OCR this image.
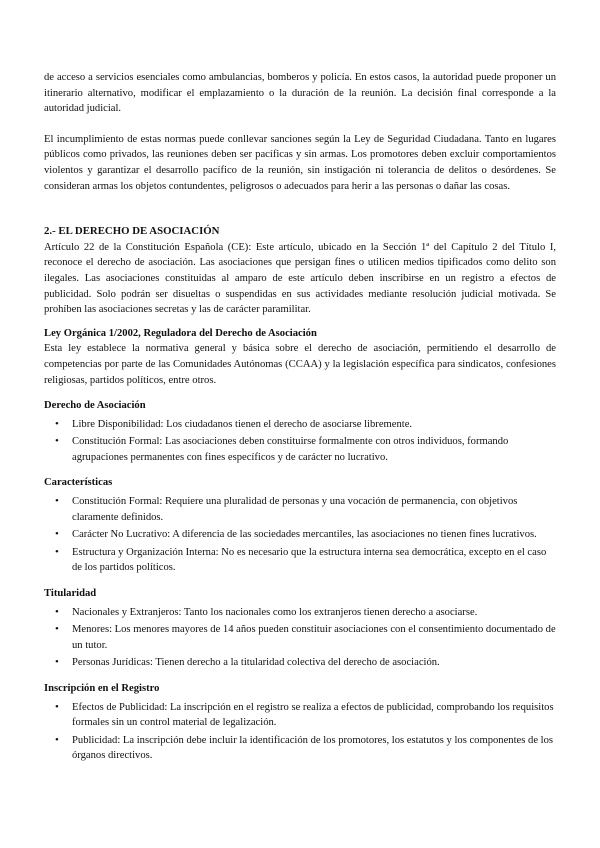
de acceso a servicios esenciales como ambulancias, bomberos y policía. En estos casos, la autoridad puede proponer un itinerario alternativo, modificar el emplazamiento o la duración de la reunión. La decisión final corresponde a la autoridad judicial.

El incumplimiento de estas normas puede conllevar sanciones según la Ley de Seguridad Ciudadana. Tanto en lugares públicos como privados, las reuniones deben ser pacíficas y sin armas. Los promotores deben excluir comportamientos violentos y garantizar el desarrollo pacífico de la reunión, sin instigación ni tolerancia de delitos o desórdenes. Se consideran armas los objetos contundentes, peligrosos o adecuados para herir a las personas o dañar las cosas.

2.- EL DERECHO DE ASOCIACIÓN

Artículo 22 de la Constitución Española (CE): Este artículo, ubicado en la Sección 1ª del Capítulo 2 del Título I, reconoce el derecho de asociación. Las asociaciones que persigan fines o utilicen medios tipificados como delito son ilegales. Las asociaciones constituidas al amparo de este artículo deben inscribirse en un registro a efectos de publicidad. Solo podrán ser disueltas o suspendidas en sus actividades mediante resolución judicial motivada. Se prohíben las asociaciones secretas y las de carácter paramilitar.

Ley Orgánica 1/2002, Reguladora del Derecho de Asociación

Esta ley establece la normativa general y básica sobre el derecho de asociación, permitiendo el desarrollo de competencias por parte de las Comunidades Autónomas (CCAA) y la legislación específica para sindicatos, confesiones religiosas, partidos políticos, entre otros.

Derecho de Asociación
• Libre Disponibilidad: Los ciudadanos tienen el derecho de asociarse libremente.
• Constitución Formal: Las asociaciones deben constituirse formalmente con otros individuos, formando agrupaciones permanentes con fines específicos y de carácter no lucrativo.
Características
• Constitución Formal: Requiere una pluralidad de personas y una vocación de permanencia, con objetivos claramente definidos.
• Carácter No Lucrativo: A diferencia de las sociedades mercantiles, las asociaciones no tienen fines lucrativos.
• Estructura y Organización Interna: No es necesario que la estructura interna sea democrática, excepto en el caso de los partidos políticos.
Titularidad
• Nacionales y Extranjeros: Tanto los nacionales como los extranjeros tienen derecho a asociarse.
• Menores: Los menores mayores de 14 años pueden constituir asociaciones con el consentimiento documentado de un tutor.
• Personas Jurídicas: Tienen derecho a la titularidad colectiva del derecho de asociación.
Inscripción en el Registro
• Efectos de Publicidad: La inscripción en el registro se realiza a efectos de publicidad, comprobando los requisitos formales sin un control material de legalización.
• Publicidad: La inscripción debe incluir la identificación de los promotores, los estatutos y los componentes de los órganos directivos.
